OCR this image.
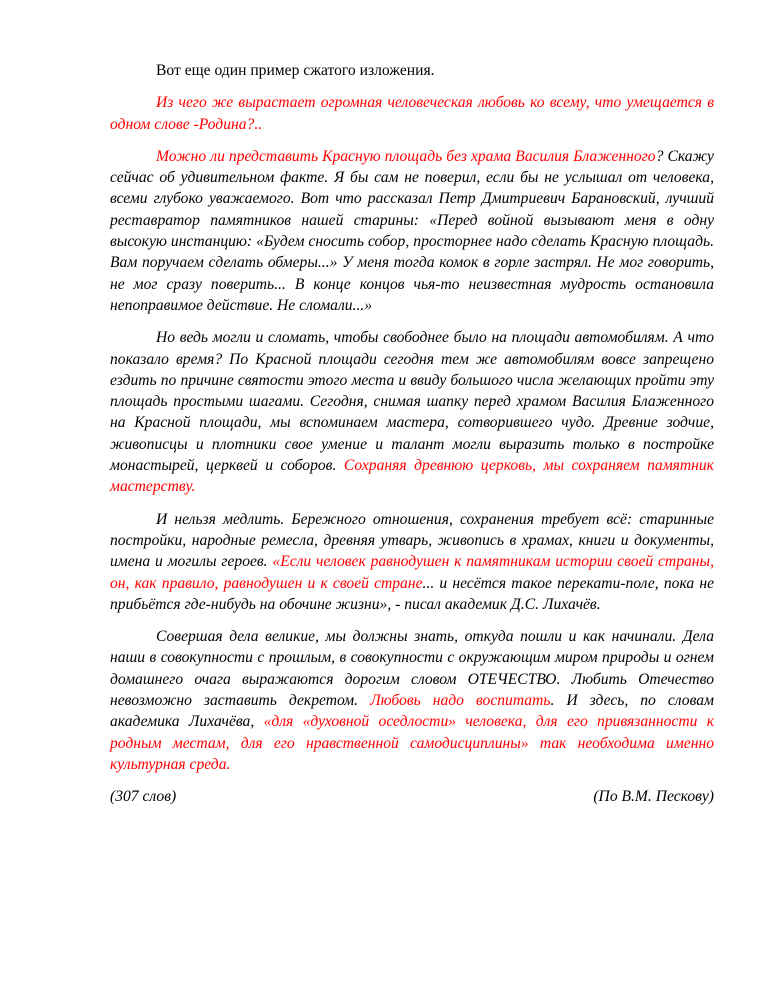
Вот еще один пример сжатого изложения.

Из чего же вырастает огромная человеческая любовь ко всему, что умещается в одном слове -Родина?..

Можно ли представить Красную площадь без храма Василия Блаженного? Скажу сейчас об удивительном факте. Я бы сам не поверил, если бы не услышал от человека, всеми глубоко уважаемого. Вот что рассказал Петр Дмитриевич Барановский, лучший реставратор памятников нашей старины: «Перед войной вызывают меня в одну высокую инстанцию: «Будем сносить собор, просторнее надо сделать Красную площадь. Вам поручаем сделать обмеры...» У меня тогда комок в горле застрял. Не мог говорить, не мог сразу поверить... В конце концов чья-то неизвестная мудрость остановила непоправимое действие. Не сломали...»

Но ведь могли и сломать, чтобы свободнее было на площади автомобилям. А что показало время? По Красной площади сегодня тем же автомобилям вовсе запрещено ездить по причине святости этого места и ввиду большого числа желающих пройти эту площадь простыми шагами. Сегодня, снимая шапку перед храмом Василия Блаженного на Красной площади, мы вспоминаем мастера, сотворившего чудо. Древние зодчие, живописцы и плотники свое умение и талант могли выразить только в постройке монастырей, церквей и соборов. Сохраняя древнюю церковь, мы сохраняем памятник мастерству.

И нельзя медлить. Бережного отношения, сохранения требует всё: старинные постройки, народные ремесла, древняя утварь, живопись в храмах, книги и документы, имена и могилы героев. «Если человек равнодушен к памятникам истории своей страны, он, как правило, равнодушен и к своей стране... и несётся такое перекати-поле, пока не прибьётся где-нибудь на обочине жизни», - писал академик Д.С. Лихачёв.

Совершая дела великие, мы должны знать, откуда пошли и как начинали. Дела наши в совокупности с прошлым, в совокупности с окружающим миром природы и огнем домашнего очага выражаются дорогим словом ОТЕЧЕСТВО. Любить Отечество невозможно заставить декретом. Любовь надо воспитать. И здесь, по словам академика Лихачёва, «для «духовной оседлости» человека, для его привязанности к родным местам, для его нравственной самодисциплины» так необходима именно культурная среда.

(307 слов)	(По В.М. Пескову)
